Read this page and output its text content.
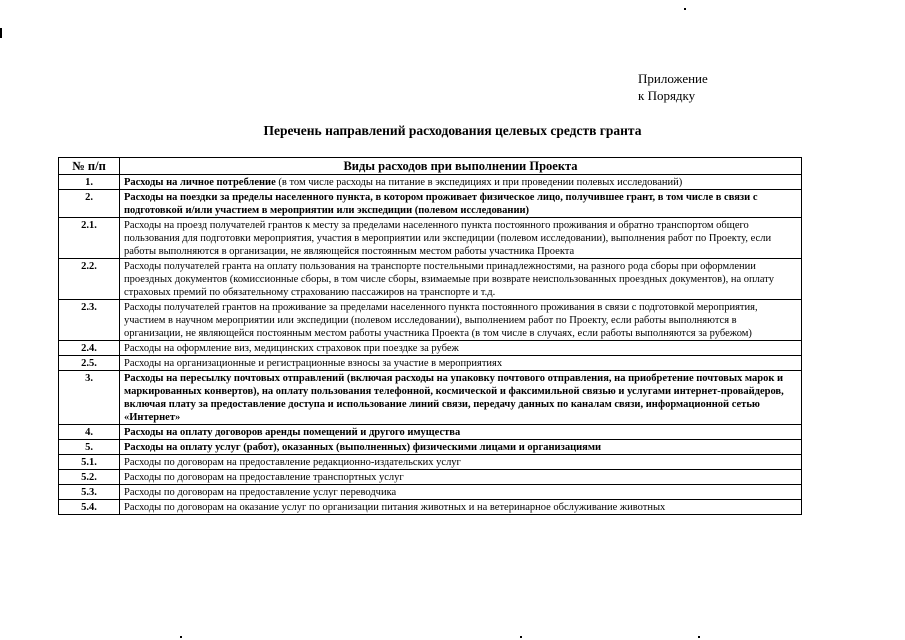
Приложение
к Порядку
Перечень направлений расходования целевых средств гранта
№ п/п	Виды расходов при выполнении Проекта
1.	Расходы на личное потребление (в том числе расходы на питание в экспедициях и при проведении полевых исследований)
2.	Расходы на поездки за пределы населенного пункта, в котором проживает физическое лицо, получившее грант, в том числе в связи с подготовкой и/или участием в мероприятии или экспедиции (полевом исследовании)
2.1.	Расходы на проезд получателей грантов к месту за пределами населенного пункта постоянного проживания и обратно транспортом общего пользования для подготовки мероприятия, участия в мероприятии или экспедиции (полевом исследовании), выполнения работ по Проекту, если работы выполняются в организации, не являющейся постоянным местом работы участника Проекта
2.2.	Расходы получателей гранта на оплату пользования на транспорте постельными принадлежностями, на разного рода сборы при оформлении проездных документов (комиссионные сборы, в том числе сборы, взимаемые при возврате неиспользованных проездных документов), на оплату страховых премий по обязательному страхованию пассажиров на транспорте и т.д.
2.3.	Расходы получателей грантов на проживание за пределами населенного пункта постоянного проживания в связи с подготовкой мероприятия, участием в научном мероприятии или экспедиции (полевом исследовании), выполнением работ по Проекту, если работы выполняются в организации, не являющейся постоянным местом работы участника Проекта (в том числе в случаях, если работы выполняются за рубежом)
2.4.	Расходы на оформление виз, медицинских страховок при поездке за рубеж
2.5.	Расходы на организационные и регистрационные взносы за участие в мероприятиях
3.	Расходы на пересылку почтовых отправлений (включая расходы на упаковку почтового отправления, на приобретение почтовых марок и маркированных конвертов), на оплату пользования телефонной, космической и факсимильной связью и услугами интернет-провайдеров, включая плату за предоставление доступа и использование линий связи, передачу данных по каналам связи, информационной сетью «Интернет»
4.	Расходы на оплату договоров аренды помещений и другого имущества
5.	Расходы на оплату услуг (работ), оказанных (выполненных) физическими лицами и организациями
5.1.	Расходы по договорам на предоставление редакционно-издательских услуг
5.2.	Расходы по договорам на предоставление транспортных услуг
5.3.	Расходы по договорам на предоставление услуг переводчика
5.4.	Расходы по договорам на оказание услуг по организации питания животных и на ветеринарное обслуживание животных
